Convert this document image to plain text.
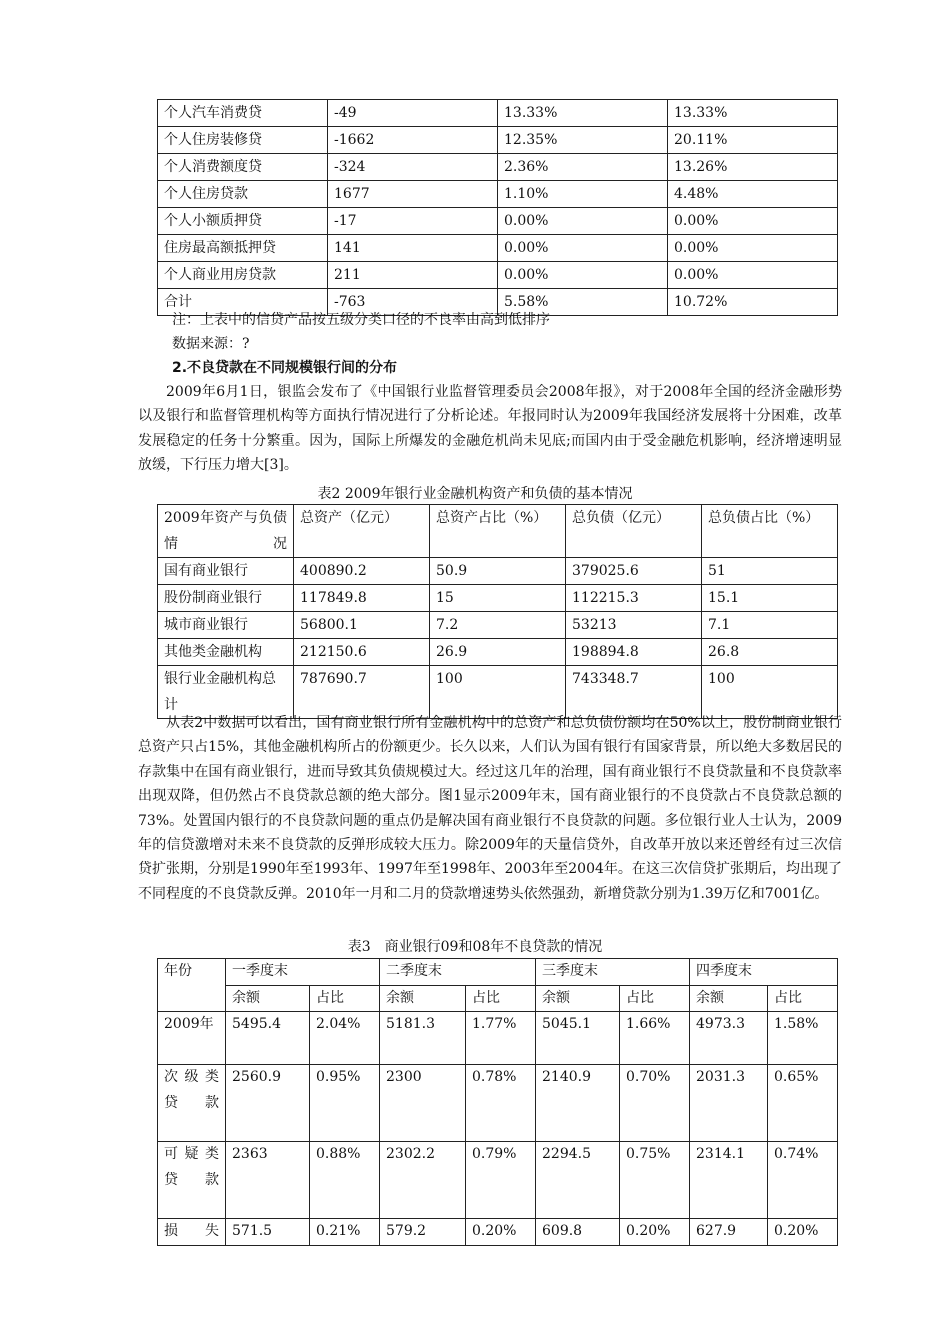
个人汽车消费贷	-49	13.33%	13.33%
个人住房装修贷	-1662	12.35%	20.11%
个人消费额度贷	-324	2.36%	13.26%
个人住房贷款	1677	1.10%	4.48%
个人小额质押贷	-17	0.00%	0.00%
住房最高额抵押贷	141	0.00%	0.00%
个人商业用房贷款	211	0.00%	0.00%
合计	-763	5.58%	10.72%
注：上表中的信贷产品按五级分类口径的不良率由高到低排序
数据来源：?
2.不良贷款在不同规模银行间的分布
2009年6月1日，银监会发布了《中国银行业监督管理委员会2008年报》，对于2008年全国的经济金融形势以及银行和监督管理机构等方面执行情况进行了分析论述。年报同时认为2009年我国经济发展将十分困难，改革发展稳定的任务十分繁重。因为，国际上所爆发的金融危机尚未见底;而国内由于受金融危机影响，经济增速明显放缓，下行压力增大[3]。
表2 2009年银行业金融机构资产和负债的基本情况
2009年资产与负债情况	总资产（亿元）	总资产占比（%）	总负债（亿元）	总负债占比（%）
国有商业银行	400890.2	50.9	379025.6	51
股份制商业银行	117849.8	15	112215.3	15.1
城市商业银行	56800.1	7.2	53213	7.1
其他类金融机构	212150.6	26.9	198894.8	26.8
银行业金融机构总计	787690.7	100	743348.7	100
从表2中数据可以看出，国有商业银行所有金融机构中的总资产和总负债份额均在50%以上，股份制商业银行总资产只占15%，其他金融机构所占的份额更少。长久以来，人们认为国有银行有国家背景，所以绝大多数居民的存款集中在国有商业银行，进而导致其负债规模过大。经过这几年的治理，国有商业银行不良贷款量和不良贷款率出现双降，但仍然占不良贷款总额的绝大部分。图1显示2009年末，国有商业银行的不良贷款占不良贷款总额的73%。处置国内银行的不良贷款问题的重点仍是解决国有商业银行不良贷款的问题。多位银行业人士认为，2009年的信贷激增对未来不良贷款的反弹形成较大压力。除2009年的天量信贷外，自改革开放以来还曾经有过三次信贷扩张期，分别是1990年至1993年、1997年至1998年、2003年至2004年。在这三次信贷扩张期后，均出现了不同程度的不良贷款反弹。2010年一月和二月的贷款增速势头依然强劲，新增贷款分别为1.39万亿和7001亿。
表3　商业银行09和08年不良贷款的情况
年份	一季度末		二季度末		三季度末		四季度末	
	余额	占比	余额	占比	余额	占比	余额	占比
2009年	5495.4	2.04%	5181.3	1.77%	5045.1	1.66%	4973.3	1.58%
次级类贷款	2560.9	0.95%	2300	0.78%	2140.9	0.70%	2031.3	0.65%
可疑类贷款	2363	0.88%	2302.2	0.79%	2294.5	0.75%	2314.1	0.74%
损失	571.5	0.21%	579.2	0.20%	609.8	0.20%	627.9	0.20%
